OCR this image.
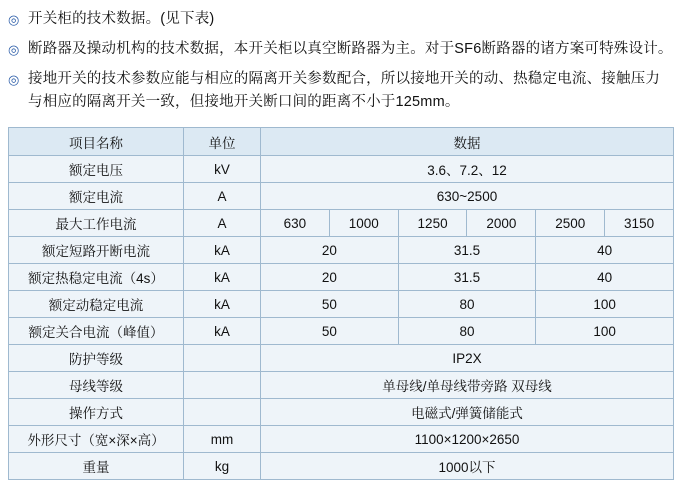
◎ 开关柜的技术数据。(见下表)
◎ 断路器及操动机构的技术数据，本开关柜以真空断路器为主。对于SF6断路器的诸方案可特殊设计。
◎ 接地开关的技术参数应能与相应的隔离开关参数配合，所以接地开关的动、热稳定电流、接触压力与相应的隔离开关一致，但接地开关断口间的距离不小于125mm。
项目名称	单位	数据					
额定电压	kV	3.6、7.2、12					
额定电流	A	630~2500					
最大工作电流	A	630	1000	1250	2000	2500	3150
额定短路开断电流	kA	20		31.5		40	
额定热稳定电流（4s）	kA	20		31.5		40	
额定动稳定电流	kA	50		80		100	
额定关合电流（峰值）	kA	50		80		100	
防护等级		IP2X					
母线等级		单母线/单母线带旁路 双母线					
操作方式		电磁式/弹簧储能式					
外形尺寸（宽×深×高）	mm	1100×1200×2650					
重量	kg	1000以下					
